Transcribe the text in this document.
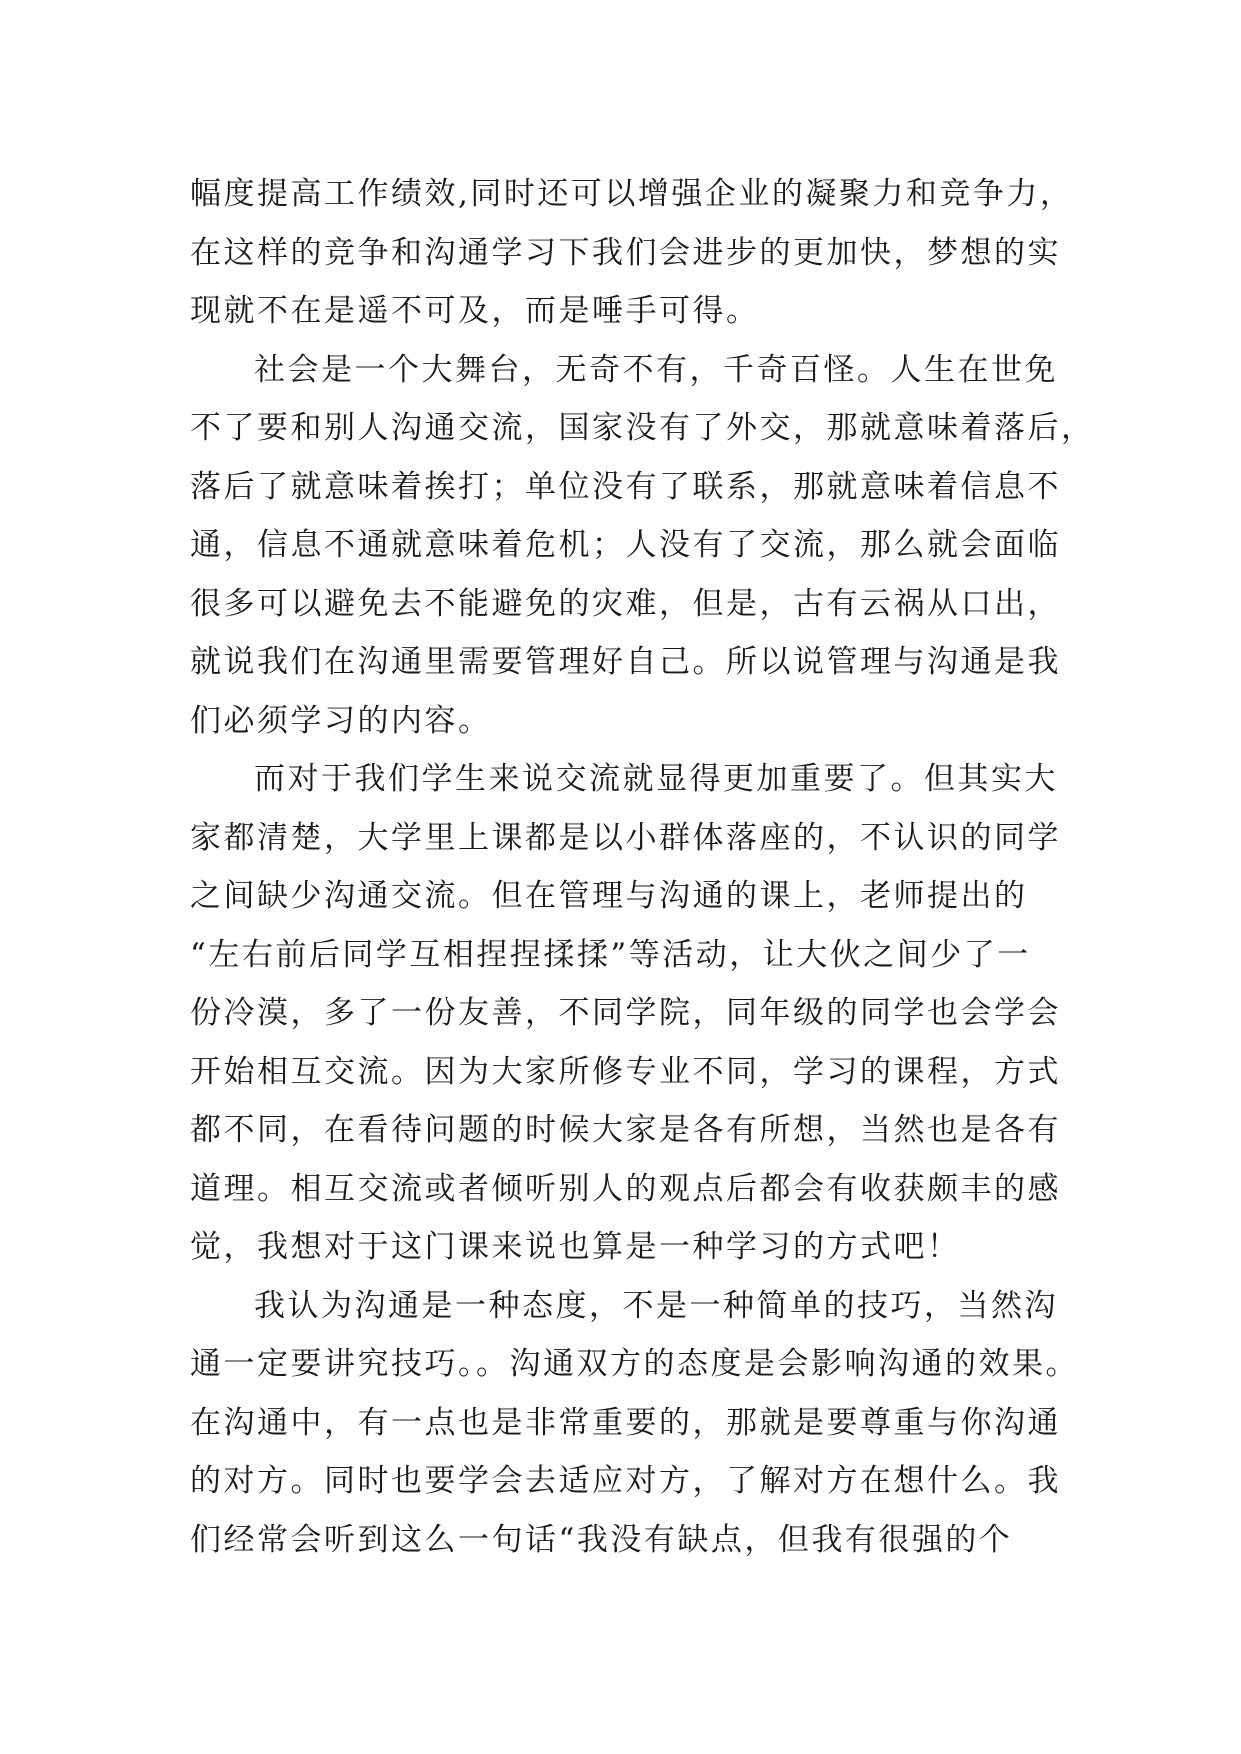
幅度提高工作绩效,同时还可以增强企业的凝聚力和竞争力，
在这样的竞争和沟通学习下我们会进步的更加快，梦想的实
现就不在是遥不可及，而是唾手可得。
社会是一个大舞台，无奇不有，千奇百怪。人生在世免
不了要和别人沟通交流，国家没有了外交，那就意味着落后，
落后了就意味着挨打；单位没有了联系，那就意味着信息不
通，信息不通就意味着危机；人没有了交流，那么就会面临
很多可以避免去不能避免的灾难，但是，古有云祸从口出，
就说我们在沟通里需要管理好自己。所以说管理与沟通是我
们必须学习的内容。
而对于我们学生来说交流就显得更加重要了。但其实大
家都清楚，大学里上课都是以小群体落座的，不认识的同学
之间缺少沟通交流。但在管理与沟通的课上，老师提出的
“左右前后同学互相捏捏揉揉”等活动，让大伙之间少了一
份冷漠，多了一份友善，不同学院，同年级的同学也会学会
开始相互交流。因为大家所修专业不同，学习的课程，方式
都不同，在看待问题的时候大家是各有所想，当然也是各有
道理。相互交流或者倾听别人的观点后都会有收获颇丰的感
觉，我想对于这门课来说也算是一种学习的方式吧！
我认为沟通是一种态度，不是一种简单的技巧，当然沟
通一定要讲究技巧。。沟通双方的态度是会影响沟通的效果。
在沟通中，有一点也是非常重要的，那就是要尊重与你沟通
的对方。同时也要学会去适应对方，了解对方在想什么。我
们经常会听到这么一句话“我没有缺点，但我有很强的个
